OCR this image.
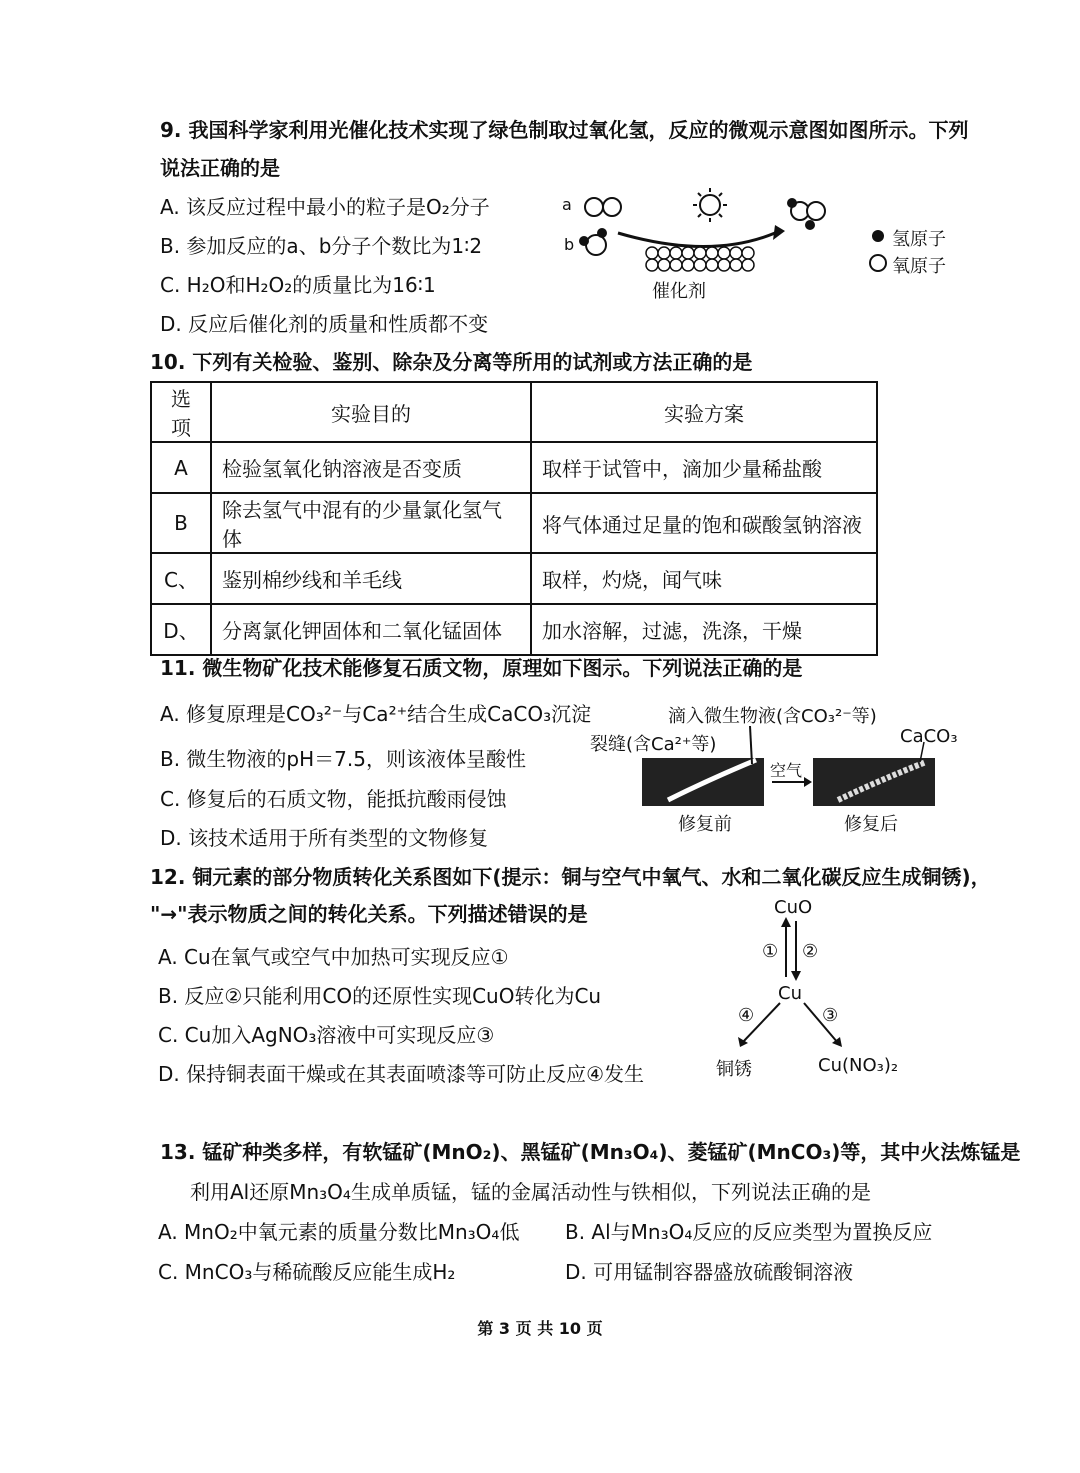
9. 我国科学家利用光催化技术实现了绿色制取过氧化氢，反应的微观示意图如图所示。下列
说法正确的是
A. 该反应过程中最小的粒子是O₂分子
B. 参加反应的a、b分子个数比为1∶2
C. H₂O和H₂O₂的质量比为16∶1
D. 反应后催化剂的质量和性质都不变
a
b
催化剂
氢原子
氧原子
10. 下列有关检验、鉴别、除杂及分离等所用的试剂或方法正确的是
选项	实验目的	实验方案
A	检验氢氧化钠溶液是否变质	取样于试管中，滴加少量稀盐酸
B	除去氢气中混有的少量氯化氢气体	将气体通过足量的饱和碳酸氢钠溶液
C、	鉴别棉纱线和羊毛线	取样，灼烧，闻气味
D、	分离氯化钾固体和二氧化锰固体	加水溶解，过滤，洗涤，干燥
11. 微生物矿化技术能修复石质文物，原理如下图示。下列说法正确的是
A. 修复原理是CO₃²⁻与Ca²⁺结合生成CaCO₃沉淀
B. 微生物液的pH＝7.5，则该液体呈酸性
C. 修复后的石质文物，能抵抗酸雨侵蚀
D. 该技术适用于所有类型的文物修复
滴入微生物液(含CO₃²⁻等)
裂缝(含Ca²⁺等)	CaCO₃
空气
修复前	修复后
12. 铜元素的部分物质转化关系图如下(提示：铜与空气中氧气、水和二氧化碳反应生成铜锈)，
"→"表示物质之间的转化关系。下列描述错误的是
A. Cu在氧气或空气中加热可实现反应①
B. 反应②只能利用CO的还原性实现CuO转化为Cu
C. Cu加入AgNO₃溶液中可实现反应③
D. 保持铜表面干燥或在其表面喷漆等可防止反应④发生
CuO
① ②
Cu
④	③
铜锈	Cu(NO₃)₂
13. 锰矿种类多样，有软锰矿(MnO₂)、黑锰矿(Mn₃O₄)、菱锰矿(MnCO₃)等，其中火法炼锰是
利用Al还原Mn₃O₄生成单质锰，锰的金属活动性与铁相似，下列说法正确的是
A. MnO₂中氧元素的质量分数比Mn₃O₄低 B. Al与Mn₃O₄反应的反应类型为置换反应
C. MnCO₃与稀硫酸反应能生成H₂	D. 可用锰制容器盛放硫酸铜溶液
第 3 页 共 10 页
